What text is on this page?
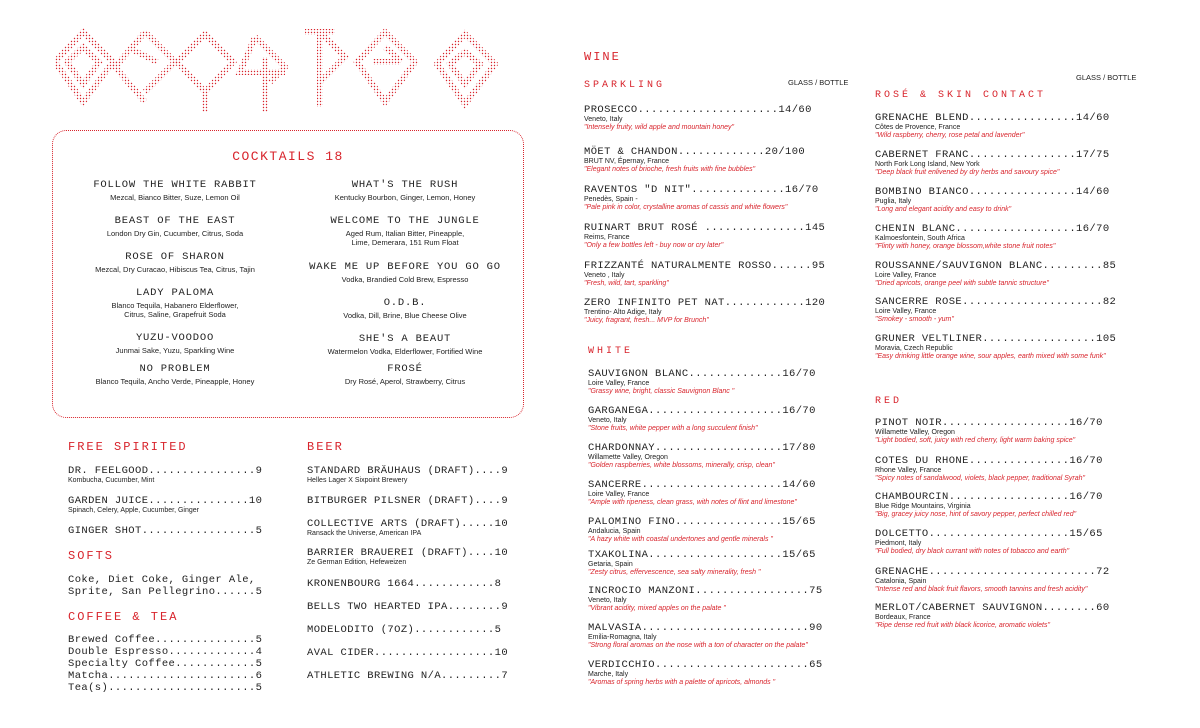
COCKTAILS 18
FOLLOW THE WHITE RABBIT
Mezcal, Bianco Bitter, Suze, Lemon Oil
BEAST OF THE EAST
London Dry Gin, Cucumber, Citrus, Soda
ROSE OF SHARON
Mezcal, Dry Curacao, Hibiscus Tea, Citrus, Tajin
LADY PALOMA
Blanco Tequila, Habanero Elderflower, Citrus, Saline, Grapefruit Soda
YUZU-VOODOO
Junmai Sake, Yuzu, Sparkling Wine
NO PROBLEM
Blanco Tequila, Ancho Verde, Pineapple, Honey
WHAT'S THE RUSH
Kentucky Bourbon, Ginger, Lemon, Honey
WELCOME TO THE JUNGLE
Aged Rum, Italian Bitter, Pineapple, Lime, Demerara, 151 Rum Float
WAKE ME UP BEFORE YOU GO GO
Vodka, Brandied Cold Brew, Espresso
O.D.B.
Vodka, Dill, Brine, Blue Cheese Olive
SHE'S A BEAUT
Watermelon Vodka, Elderflower, Fortified Wine
FROSÉ
Dry Rosé, Aperol, Strawberry, Citrus
FREE SPIRITED
DR. FEELGOOD................9
Kombucha, Cucumber, Mint
GARDEN JUICE...............10
Spinach, Celery, Apple, Cucumber, Ginger
GINGER SHOT.................5
SOFTS
Coke, Diet Coke, Ginger Ale,
Sprite, San Pellegrino......5
COFFEE & TEA
Brewed Coffee...............5
Double Espresso.............4
Specialty Coffee............5
Matcha......................6
Tea(s)......................5
BEER
STANDARD BRÄUHAUS (DRAFT)....9
Helles Lager X Sixpoint Brewery
BITBURGER PILSNER (DRAFT)....9
COLLECTIVE ARTS (DRAFT).....10
Ransack the Universe, American IPA
BARRIER BRAUEREI (DRAFT)....10
Ze German Edition, Hefeweizen
KRONENBOURG 1664............8
BELLS TWO HEARTED IPA........9
MODELODITO (7OZ)............5
AVAL CIDER..................10
ATHLETIC BREWING N/A.........7
WINE
SPARKLING	GLASS / BOTTLE
PROSECCO.....................14/60
Veneto, Italy
"Intensely fruity, wild apple and mountain honey"
MÖET & CHANDON.............20/100
BRUT NV, Épernay, France
"Elegant notes of brioche, fresh fruits with fine bubbles"
RAVENTOS "D NIT"..............16/70
Penedès, Spain -
"Pale pink in color, crystalline aromas of cassis and white flowers"
RUINART BRUT ROSÉ ...............145
Reims, France
"Only a few bottles left - buy now or cry later"
FRIZZANTÉ NATURALMENTE ROSSO......95
Veneto , Italy
"Fresh, wild, tart, sparkling"
ZERO INFINITO PET NAT............120
Trentino- Alto Adige, Italy
"Juicy, fragrant, fresh... MVP for Brunch"
WHITE
SAUVIGNON BLANC..............16/70
Loire Valley, France
"Grassy wine, bright, classic Sauvignon Blanc "
GARGANEGA....................16/70
Veneto, Italy
"Stone fruits, white pepper with a long succulent finish"
CHARDONNAY...................17/80
Willamette Valley, Oregon
"Golden raspberries, white blossoms, minerally, crisp, clean"
SANCERRE.....................14/60
Loire Valley, France
"Ample with ripeness, clean grass, with notes of flint and limestone"
PALOMINO FINO................15/65
Andalucia, Spain
"A hazy white with coastal undertones and gentle minerals "
TXAKOLINA....................15/65
Getaria, Spain
"Zesty citrus, effervescence, sea salty minerality, fresh "
INCROCIO MANZONI.................75
Veneto, Italy
"Vibrant acidity, mixed apples on the palate "
MALVASIA.........................90
Emilia-Romagna, Italy
"Strong floral aromas on the nose with a ton of character on the palate"
VERDICCHIO.......................65
Marche, Italy
"Aromas of spring herbs with a palette of apricots, almonds "
GLASS / BOTTLE
ROSÉ & SKIN CONTACT
GRENACHE BLEND................14/60
Côtes de Provence, France
"Wild raspberry, cherry, rose petal and lavender"
CABERNET FRANC................17/75
North Fork Long Island, New York
"Deep black fruit enlivened by dry herbs and savoury spice"
BOMBINO BIANCO................14/60
Puglia, Italy
"Long and elegant acidity and easy to drink"
CHENIN BLANC..................16/70
Kalmoesfontein, South Africa
"Flinty with honey, orange blossom,white stone fruit notes"
ROUSSANNE/SAUVIGNON BLANC.........85
Loire Valley, France
"Dried apricots, orange peel with subtle tannic structure"
SANCERRE ROSE.....................82
Loire Valley, France
"Smokey - smooth - yum"
GRUNER VELTLINER.................105
Moravia, Czech Republic
"Easy drinking little orange wine, sour apples, earth mixed with some funk"
RED
PINOT NOIR...................16/70
Willamette Valley, Oregon
"Light bodied, soft, juicy with red cherry, light warm baking spice"
COTES DU RHONE...............16/70
Rhone Valley, France
"Spicy notes of sandalwood, violets, black pepper, traditional Syrah"
CHAMBOURCIN..................16/70
Blue Ridge Mountains, Virginia
"Big, gracey juicy nose, hint of savory pepper, perfect chilled red"
DOLCETTO.....................15/65
Piedmont, Italy
"Full bodied, dry black currant with notes of tobacco and earth"
GRENACHE.........................72
Catalonia, Spain
"Intense red and black fruit flavors, smooth tannins and fresh acidity"
MERLOT/CABERNET SAUVIGNON........60
Bordeaux, France
"Ripe dense red fruit with black licorice, aromatic violets"
